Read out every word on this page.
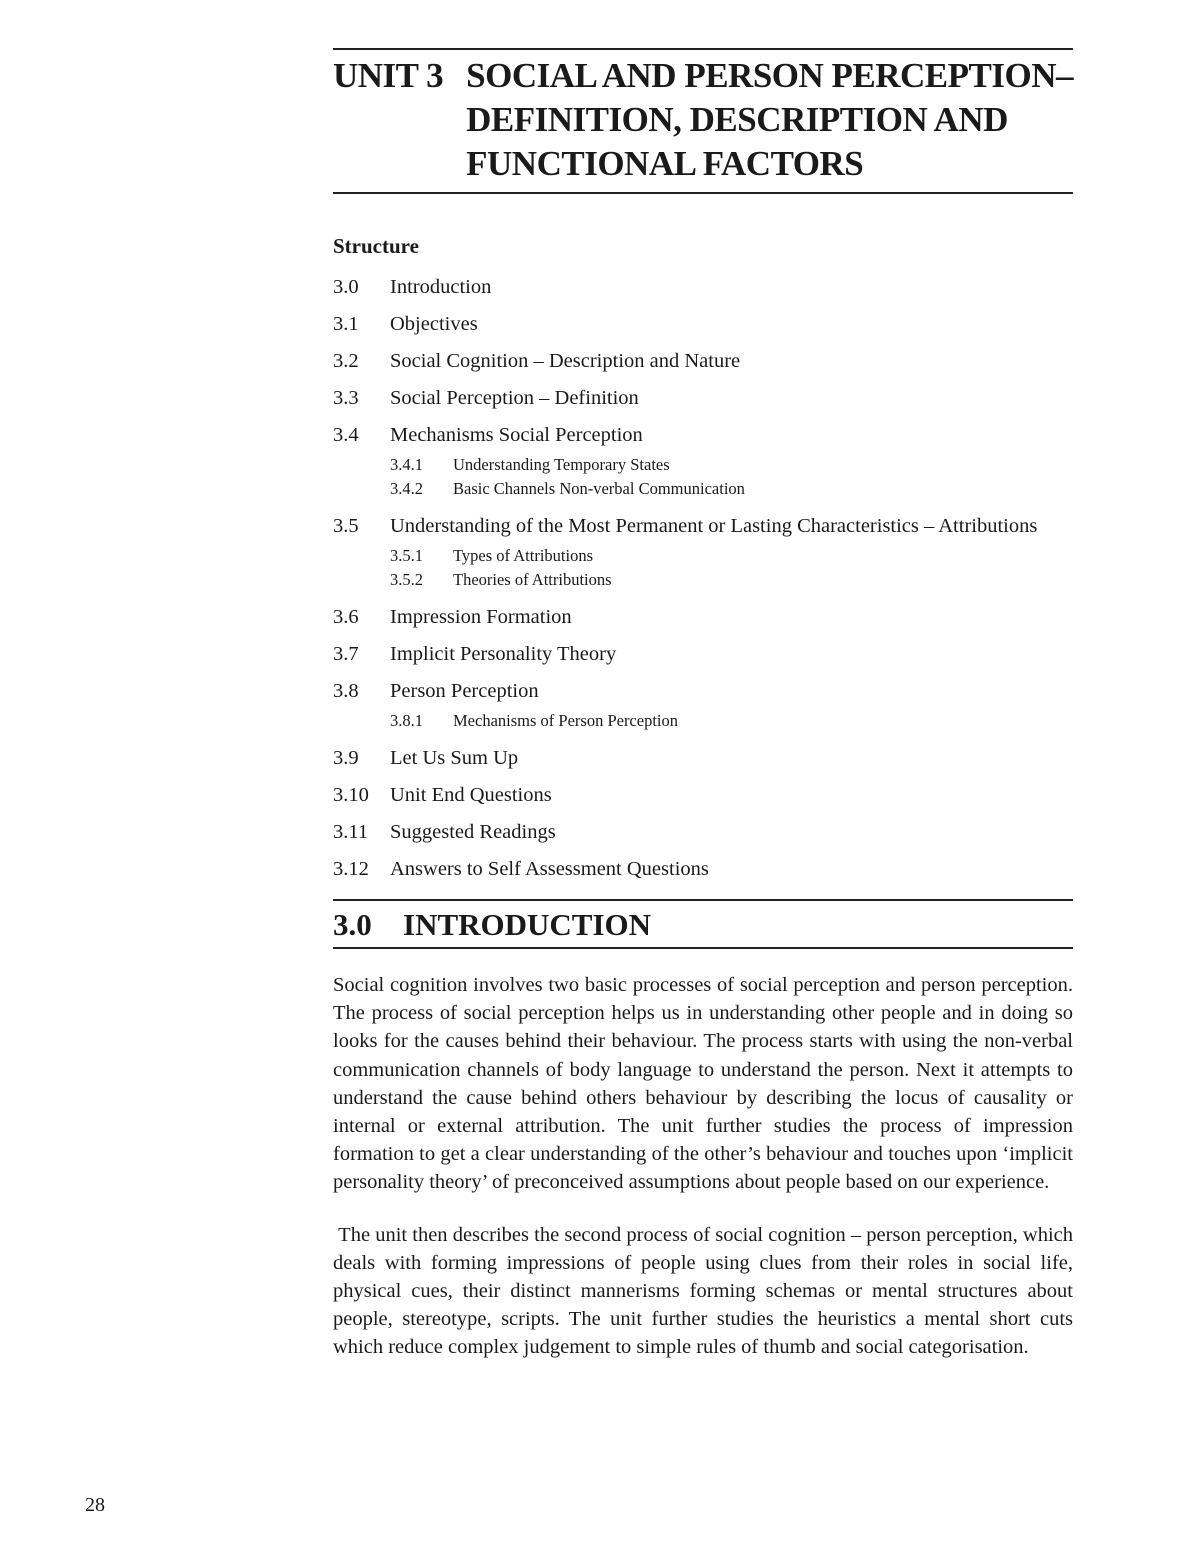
UNIT 3 SOCIAL AND PERSON PERCEPTION–
DEFINITION, DESCRIPTION AND
FUNCTIONAL FACTORS
Structure
3.0	Introduction
3.1	Objectives
3.2	Social Cognition – Description and Nature
3.3	Social Perception – Definition
3.4	Mechanisms Social Perception
3.4.1	Understanding Temporary States
3.4.2	Basic Channels Non-verbal Communication
3.5	Understanding of the Most Permanent or Lasting Characteristics – Attributions
3.5.1	Types of Attributions
3.5.2	Theories of Attributions
3.6	Impression Formation
3.7	Implicit Personality Theory
3.8	Person Perception
3.8.1	Mechanisms of Person Perception
3.9	Let Us Sum Up
3.10	Unit End Questions
3.11	Suggested Readings
3.12	Answers to Self Assessment Questions
3.0	INTRODUCTION

Social cognition involves two basic processes of social perception and person perception. The process of social perception helps us in understanding other people and in doing so looks for the causes behind their behaviour. The process starts with using the non-verbal communication channels of body language to understand the person. Next it attempts to understand the cause behind others behaviour by describing the locus of causality or internal or external attribution. The unit further studies the process of impression formation to get a clear understanding of the other’s behaviour and touches upon ‘implicit personality theory’ of preconceived assumptions about people based on our experience.

The unit then describes the second process of social cognition – person perception, which deals with forming impressions of people using clues from their roles in social life, physical cues, their distinct mannerisms forming schemas or mental structures about people, stereotype, scripts. The unit further studies the heuristics a mental short cuts which reduce complex judgement to simple rules of thumb and social categorisation.

28
